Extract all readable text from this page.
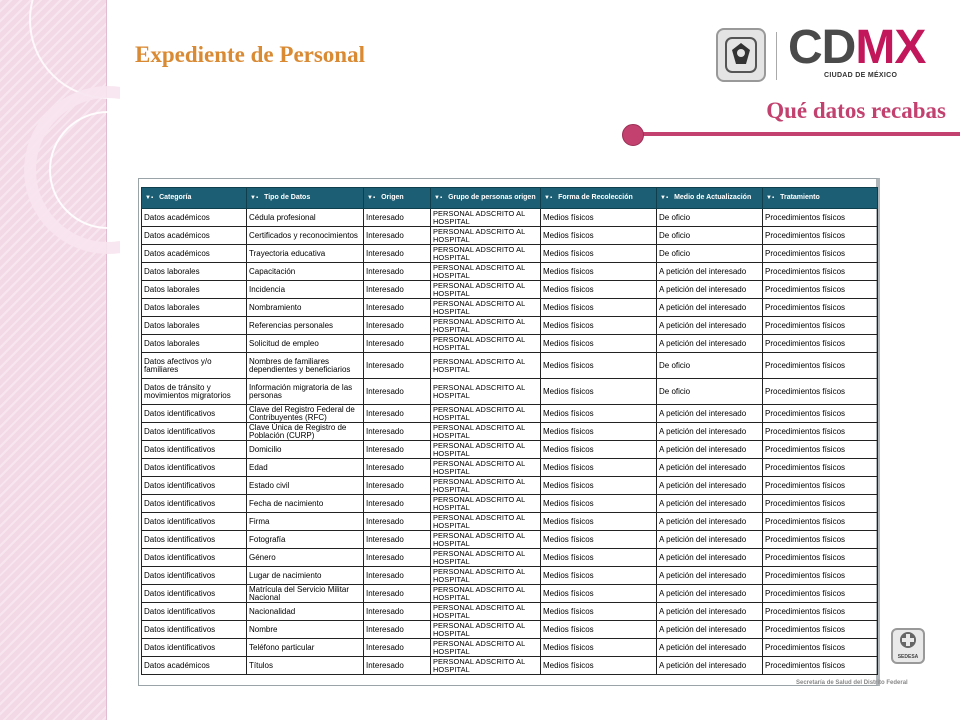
Expediente de Personal	CDMX
CIUDAD DE MÉXICO
Qué datos recabas
▼▪ Categoría	▼▪ Tipo de Datos	▼▪ Origen	▼▪ Grupo de personas origen	▼▪ Forma de Recolección	▼▪ Medio de Actualización	▼▪ Tratamiento
Datos académicos	Cédula profesional	Interesado	PERSONAL ADSCRITO AL HOSPITAL	Medios físicos	De oficio	Procedimientos físicos
Datos académicos	Certificados y reconocimientos	Interesado	PERSONAL ADSCRITO AL HOSPITAL	Medios físicos	De oficio	Procedimientos físicos
Datos académicos	Trayectoria educativa	Interesado	PERSONAL ADSCRITO AL HOSPITAL	Medios físicos	De oficio	Procedimientos físicos
Datos laborales	Capacitación	Interesado	PERSONAL ADSCRITO AL HOSPITAL	Medios físicos	A petición del interesado	Procedimientos físicos
Datos laborales	Incidencia	Interesado	PERSONAL ADSCRITO AL HOSPITAL	Medios físicos	A petición del interesado	Procedimientos físicos
Datos laborales	Nombramiento	Interesado	PERSONAL ADSCRITO AL HOSPITAL	Medios físicos	A petición del interesado	Procedimientos físicos
Datos laborales	Referencias personales	Interesado	PERSONAL ADSCRITO AL HOSPITAL	Medios físicos	A petición del interesado	Procedimientos físicos
Datos laborales	Solicitud de empleo	Interesado	PERSONAL ADSCRITO AL HOSPITAL	Medios físicos	A petición del interesado	Procedimientos físicos
Datos afectivos y/o familiares	Nombres de familiares dependientes y beneficiarios	Interesado	PERSONAL ADSCRITO AL HOSPITAL	Medios físicos	De oficio	Procedimientos físicos
Datos de tránsito y movimientos migratorios	Información migratoria de las personas	Interesado	PERSONAL ADSCRITO AL HOSPITAL	Medios físicos	De oficio	Procedimientos físicos
Datos identificativos	Clave del Registro Federal de Contribuyentes (RFC)	Interesado	PERSONAL ADSCRITO AL HOSPITAL	Medios físicos	A petición del interesado	Procedimientos físicos
Datos identificativos	Clave Única de Registro de Población (CURP)	Interesado	PERSONAL ADSCRITO AL HOSPITAL	Medios físicos	A petición del interesado	Procedimientos físicos
Datos identificativos	Domicilio	Interesado	PERSONAL ADSCRITO AL HOSPITAL	Medios físicos	A petición del interesado	Procedimientos físicos
Datos identificativos	Edad	Interesado	PERSONAL ADSCRITO AL HOSPITAL	Medios físicos	A petición del interesado	Procedimientos físicos
Datos identificativos	Estado civil	Interesado	PERSONAL ADSCRITO AL HOSPITAL	Medios físicos	A petición del interesado	Procedimientos físicos
Datos identificativos	Fecha de nacimiento	Interesado	PERSONAL ADSCRITO AL HOSPITAL	Medios físicos	A petición del interesado	Procedimientos físicos
Datos identificativos	Firma	Interesado	PERSONAL ADSCRITO AL HOSPITAL	Medios físicos	A petición del interesado	Procedimientos físicos
Datos identificativos	Fotografía	Interesado	PERSONAL ADSCRITO AL HOSPITAL	Medios físicos	A petición del interesado	Procedimientos físicos
Datos identificativos	Género	Interesado	PERSONAL ADSCRITO AL HOSPITAL	Medios físicos	A petición del interesado	Procedimientos físicos
Datos identificativos	Lugar de nacimiento	Interesado	PERSONAL ADSCRITO AL HOSPITAL	Medios físicos	A petición del interesado	Procedimientos físicos
Datos identificativos	Matrícula del Servicio Militar Nacional	Interesado	PERSONAL ADSCRITO AL HOSPITAL	Medios físicos	A petición del interesado	Procedimientos físicos
Datos identificativos	Nacionalidad	Interesado	PERSONAL ADSCRITO AL HOSPITAL	Medios físicos	A petición del interesado	Procedimientos físicos
Datos identificativos	Nombre	Interesado	PERSONAL ADSCRITO AL HOSPITAL	Medios físicos	A petición del interesado	Procedimientos físicos
Datos identificativos	Teléfono particular	Interesado	PERSONAL ADSCRITO AL HOSPITAL	Medios físicos	A petición del interesado	Procedimientos físicos
Datos académicos	Títulos	Interesado	PERSONAL ADSCRITO AL HOSPITAL	Medios físicos	A petición del interesado	Procedimientos físicos
SEDESA
Secretaría de Salud del Distrito Federal
